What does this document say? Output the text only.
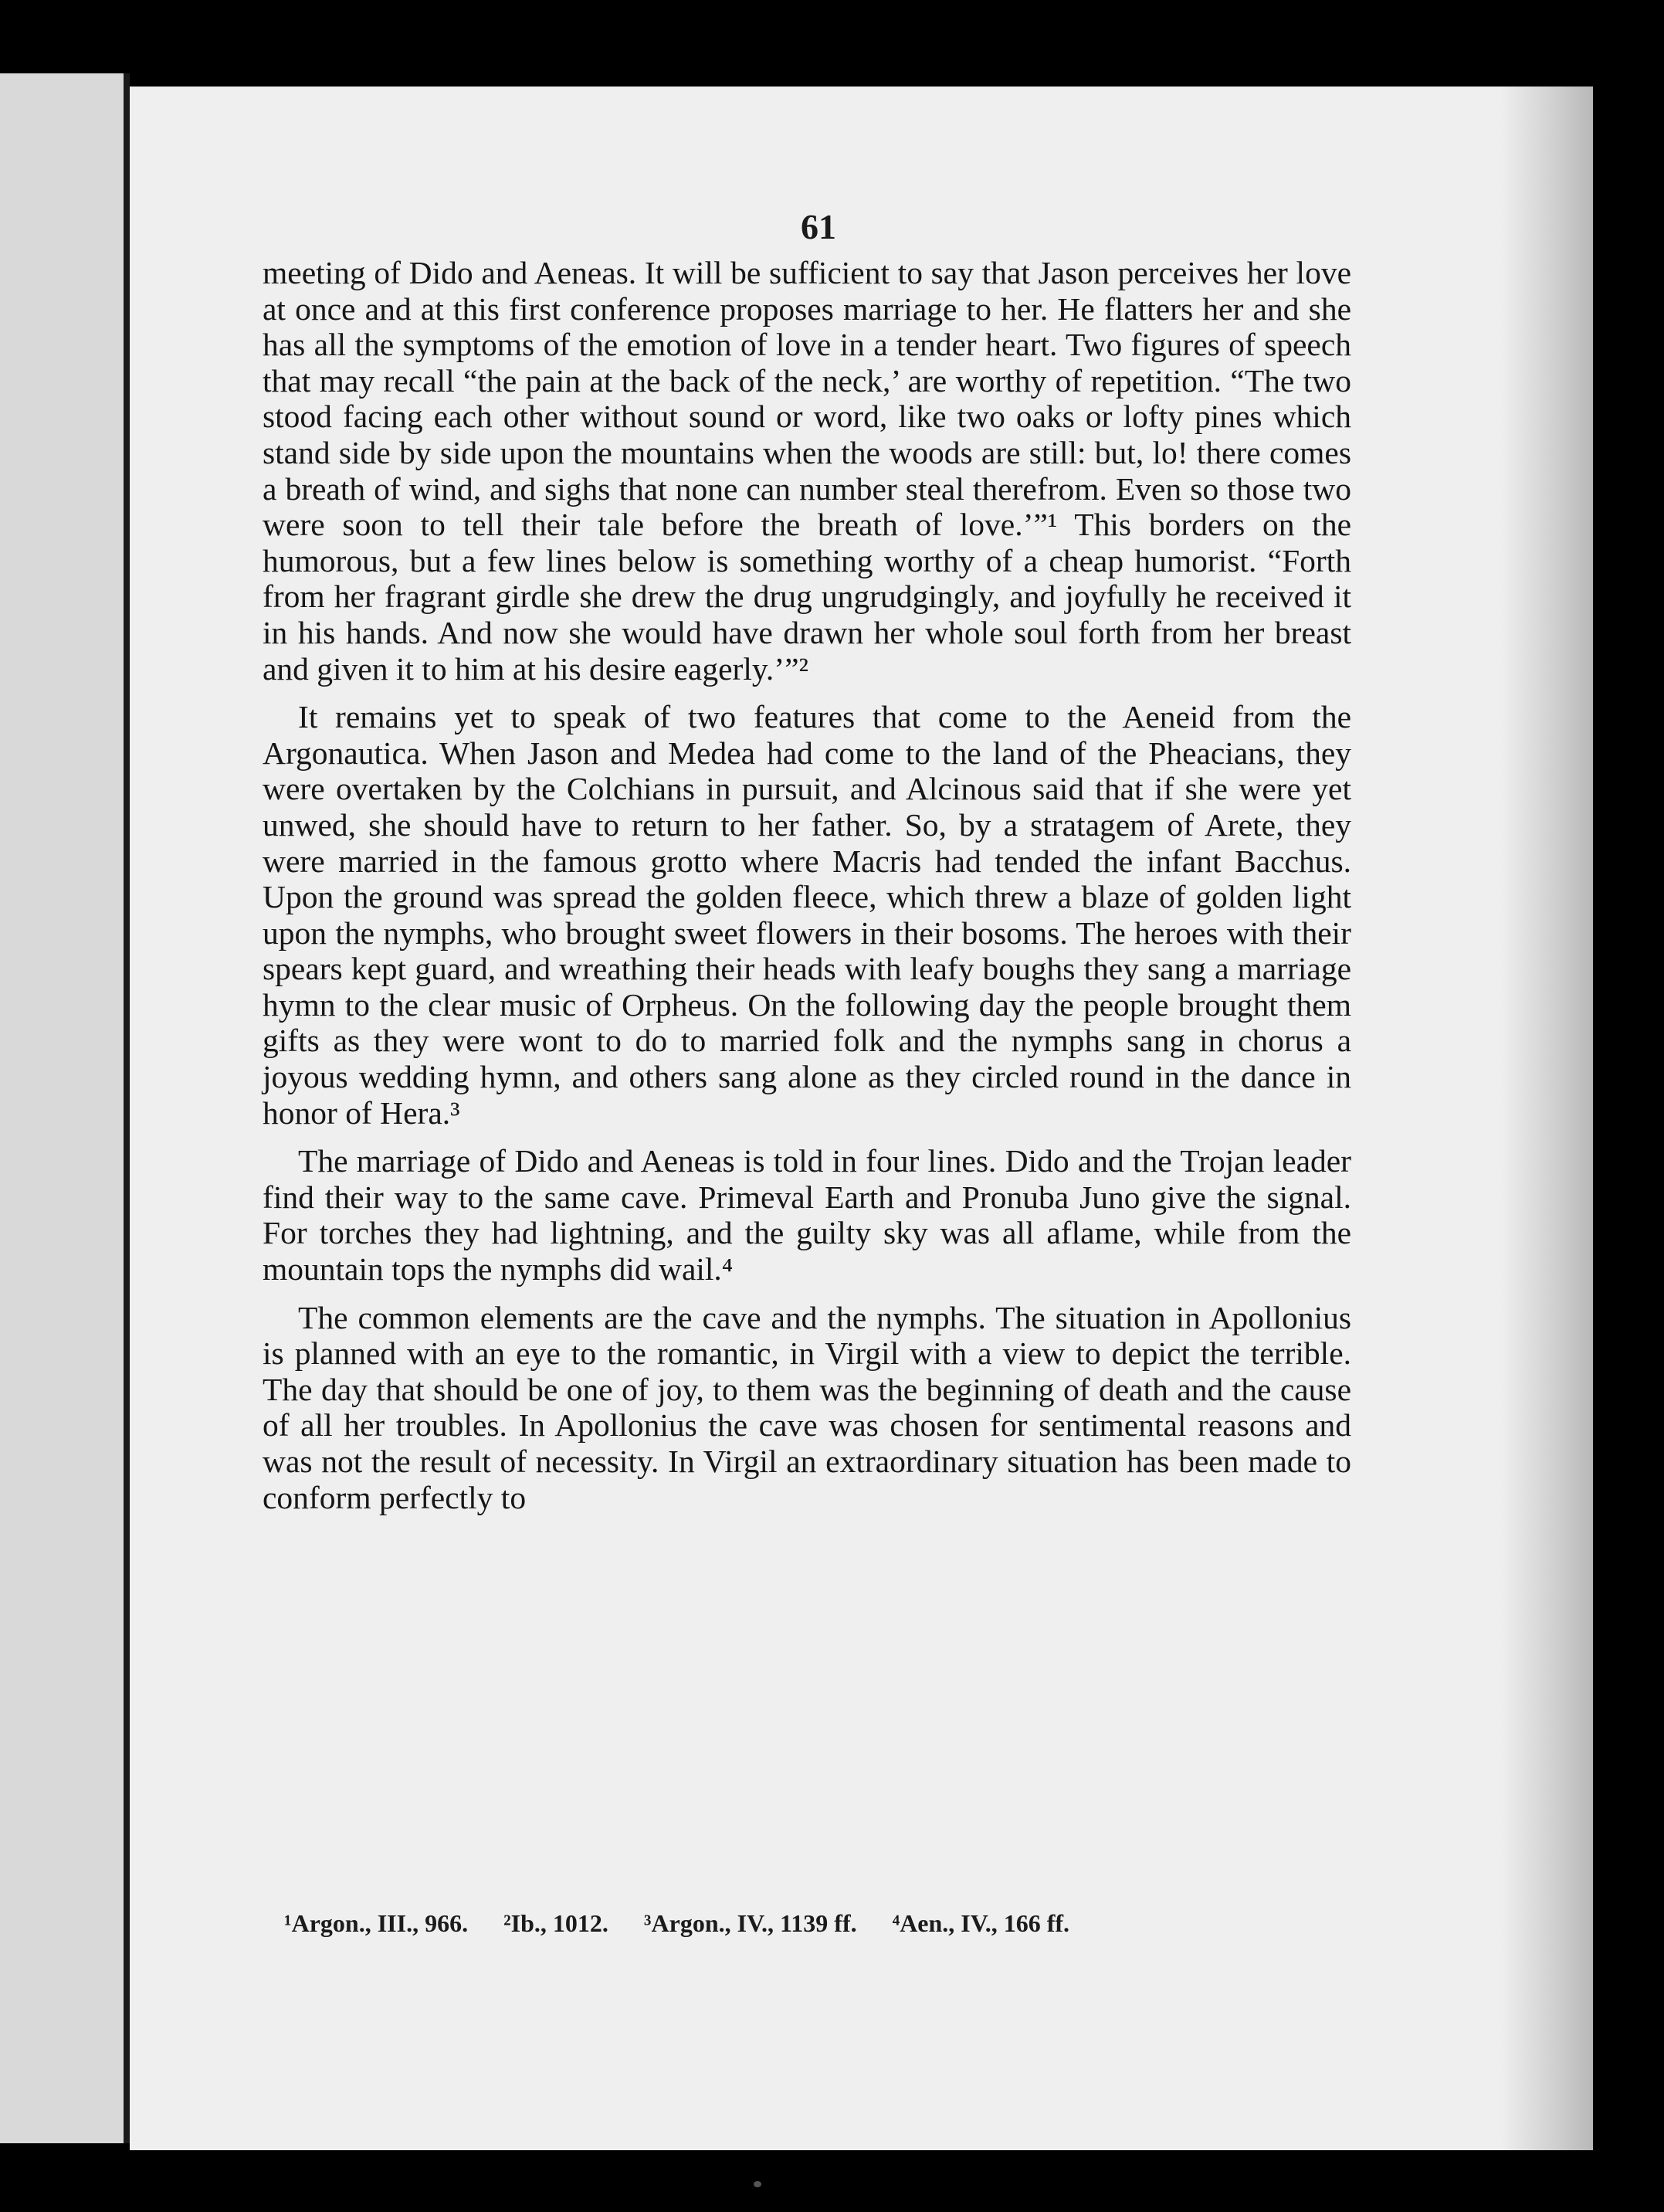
61

meeting of Dido and Aeneas. It will be sufficient to say that Jason perceives her love at once and at this first conference proposes marriage to her. He flatters her and she has all the symptoms of the emotion of love in a tender heart. Two figures of speech that may recall “the pain at the back of the neck,’ are worthy of repetition. “The two stood facing each other without sound or word, like two oaks or lofty pines which stand side by side upon the mountains when the woods are still: but, lo! there comes a breath of wind, and sighs that none can number steal therefrom. Even so those two were soon to tell their tale before the breath of love.’”¹ This borders on the humorous, but a few lines below is something worthy of a cheap humorist. “Forth from her fragrant girdle she drew the drug ungrudgingly, and joyfully he received it in his hands. And now she would have drawn her whole soul forth from her breast and given it to him at his desire eagerly.’”²

It remains yet to speak of two features that come to the Aeneid from the Argonautica. When Jason and Medea had come to the land of the Pheacians, they were overtaken by the Colchians in pursuit, and Alcinous said that if she were yet unwed, she should have to return to her father. So, by a stratagem of Arete, they were married in the famous grotto where Macris had tended the infant Bacchus. Upon the ground was spread the golden fleece, which threw a blaze of golden light upon the nymphs, who brought sweet flowers in their bosoms. The heroes with their spears kept guard, and wreathing their heads with leafy boughs they sang a marriage hymn to the clear music of Orpheus. On the following day the people brought them gifts as they were wont to do to married folk and the nymphs sang in chorus a joyous wedding hymn, and others sang alone as they circled round in the dance in honor of Hera.³

The marriage of Dido and Aeneas is told in four lines. Dido and the Trojan leader find their way to the same cave. Primeval Earth and Pronuba Juno give the signal. For torches they had lightning, and the guilty sky was all aflame, while from the mountain tops the nymphs did wail.⁴

The common elements are the cave and the nymphs. The situation in Apollonius is planned with an eye to the romantic, in Virgil with a view to depict the terrible. The day that should be one of joy, to them was the beginning of death and the cause of all her troubles. In Apollonius the cave was chosen for sentimental reasons and was not the result of necessity. In Virgil an extraordinary situation has been made to conform perfectly to

¹Argon., III., 966. ²Ib., 1012. ³Argon., IV., 1139 ff. ⁴Aen., IV., 166 ff.
